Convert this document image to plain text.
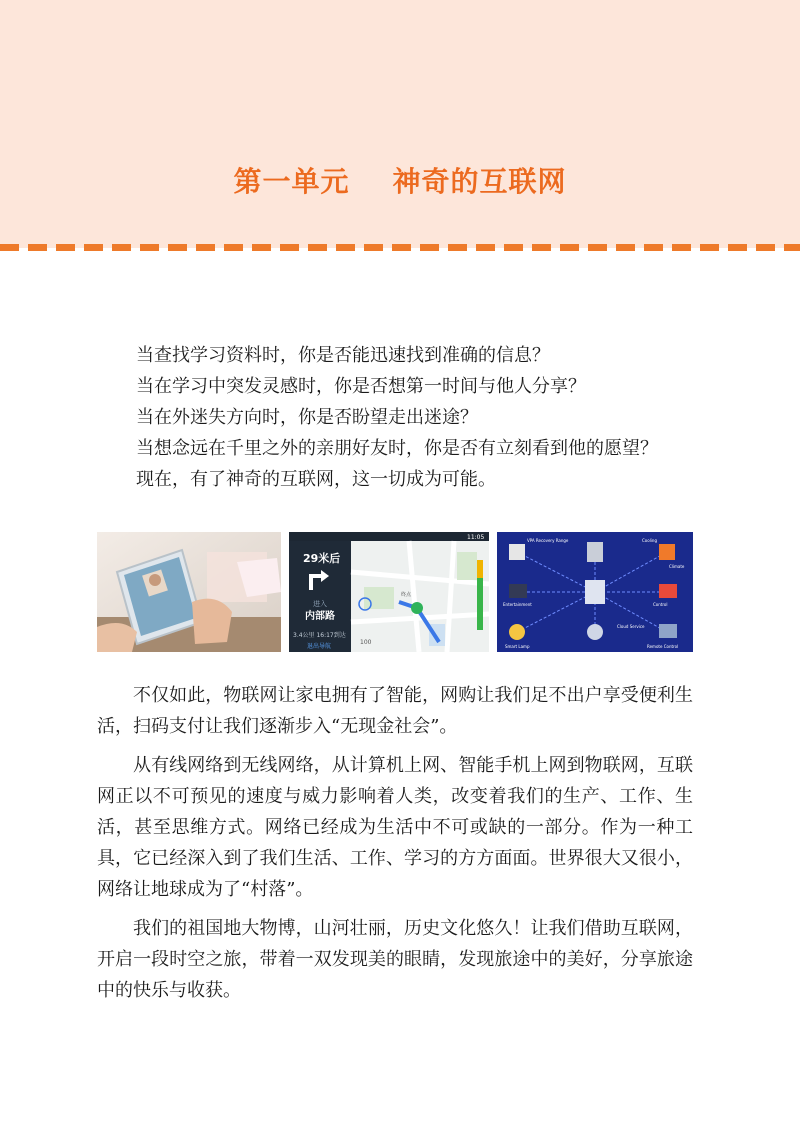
第一单元    神奇的互联网
当查找学习资料时，你是否能迅速找到准确的信息？
当在学习中突发灵感时，你是否想第一时间与他人分享？
当在外迷失方向时，你是否盼望走出迷途？
当想念远在千里之外的亲朋好友时，你是否有立刻看到他的愿望？
现在，有了神奇的互联网，这一切成为可能。
11:05
29米后
进入
内部路
3.4公里 16:17到达
退出导航
100
终点
VPA Recovery Range	Cooling
Climate
Entertainment	Control
Smart Lamp
Cloud Service
Remote Control

不仅如此，物联网让家电拥有了智能，网购让我们足不出户享受便利生活，扫码支付让我们逐渐步入“无现金社会”。

从有线网络到无线网络，从计算机上网、智能手机上网到物联网，互联网正以不可预见的速度与威力影响着人类，改变着我们的生产、工作、生活，甚至思维方式。网络已经成为生活中不可或缺的一部分。作为一种工具，它已经深入到了我们生活、工作、学习的方方面面。世界很大又很小，网络让地球成为了“村落”。

我们的祖国地大物博，山河壮丽，历史文化悠久！让我们借助互联网，开启一段时空之旅，带着一双发现美的眼睛，发现旅途中的美好，分享旅途中的快乐与收获。
